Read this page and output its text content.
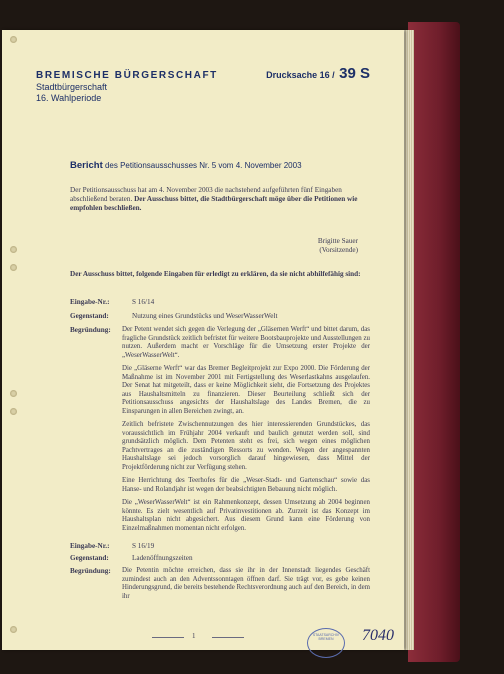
BREMISCHE BÜRGERSCHAFT
Stadtbürgerschaft
16. Wahlperiode
Drucksache 16 / 39 S
Bericht des Petitionsausschusses Nr. 5 vom 4. November 2003
Der Petitionsausschuss hat am 4. November 2003 die nachstehend aufgeführten fünf Eingaben abschließend beraten. Der Ausschuss bittet, die Stadtbürgerschaft möge über die Petitionen wie empfohlen beschließen.
Brigitte Sauer
(Vorsitzende)
Der Ausschuss bittet, folgende Eingaben für erledigt zu erklären, da sie nicht abhilfefähig sind:
Eingabe-Nr.:	S 16/14
Gegenstand:	Nutzung eines Grundstücks und WeserWasserWelt
Begründung:	Der Petent wendet sich gegen die Verlegung der „Gläsernen Werft“ und bittet darum, das fragliche Grundstück zeitlich befristet für weitere Bootsbauprojekte und Ausstellungen zu nutzen. Außerdem macht er Vorschläge für die Umsetzung erster Projekte der „WeserWasserWelt“.

Die „Gläserne Werft“ war das Bremer Begleitprojekt zur Expo 2000. Die Förderung der Maßnahme ist im November 2001 mit Fertigstellung des Weserlastkahns ausgelaufen. Der Senat hat mitgeteilt, dass er keine Möglichkeit sieht, die Fortsetzung des Projektes aus Haushaltsmitteln zu finanzieren. Dieser Beurteilung schließt sich der Petitionsausschuss angesichts der Haushaltslage des Landes Bremen, die zu Einsparungen in allen Bereichen zwingt, an.

Zeitlich befristete Zwischennutzungen des hier interessierenden Grundstückes, das voraussichtlich im Frühjahr 2004 verkauft und baulich genutzt werden soll, sind grundsätzlich möglich. Dem Petenten steht es frei, sich wegen eines möglichen Pachtvertrages an die zuständigen Ressorts zu wenden. Wegen der angespannten Haushaltslage sei jedoch vorsorglich darauf hingewiesen, dass Mittel der Projektförderung nicht zur Verfügung stehen.

Eine Herrichtung des Teerhofes für die „Weser-Stadt- und Gartenschau“ sowie das Hanse- und Rolandjahr ist wegen der beabsichtigten Bebauung nicht möglich.

Die „WeserWasserWelt“ ist ein Rahmenkonzept, dessen Umsetzung ab 2004 beginnen könnte. Es zielt wesentlich auf Privatinvestitionen ab. Zurzeit ist das Konzept im Haushaltsplan nicht abgesichert. Aus diesem Grund kann eine Förderung von Einzelmaßnahmen momentan nicht erfolgen.

Eingabe-Nr.:	S 16/19
Gegenstand:	Ladenöffnungszeiten
Begründung:	Die Petentin möchte erreichen, dass sie ihr in der Innenstadt liegendes Geschäft zumindest auch an den Adventssonntagen öffnen darf. Sie trägt vor, es gebe keinen Hinderungsgrund, die bereits bestehende Rechtsverordnung auch auf den Bereich, in dem ihr

1	STAATSARCHIV BREMEN	7040
